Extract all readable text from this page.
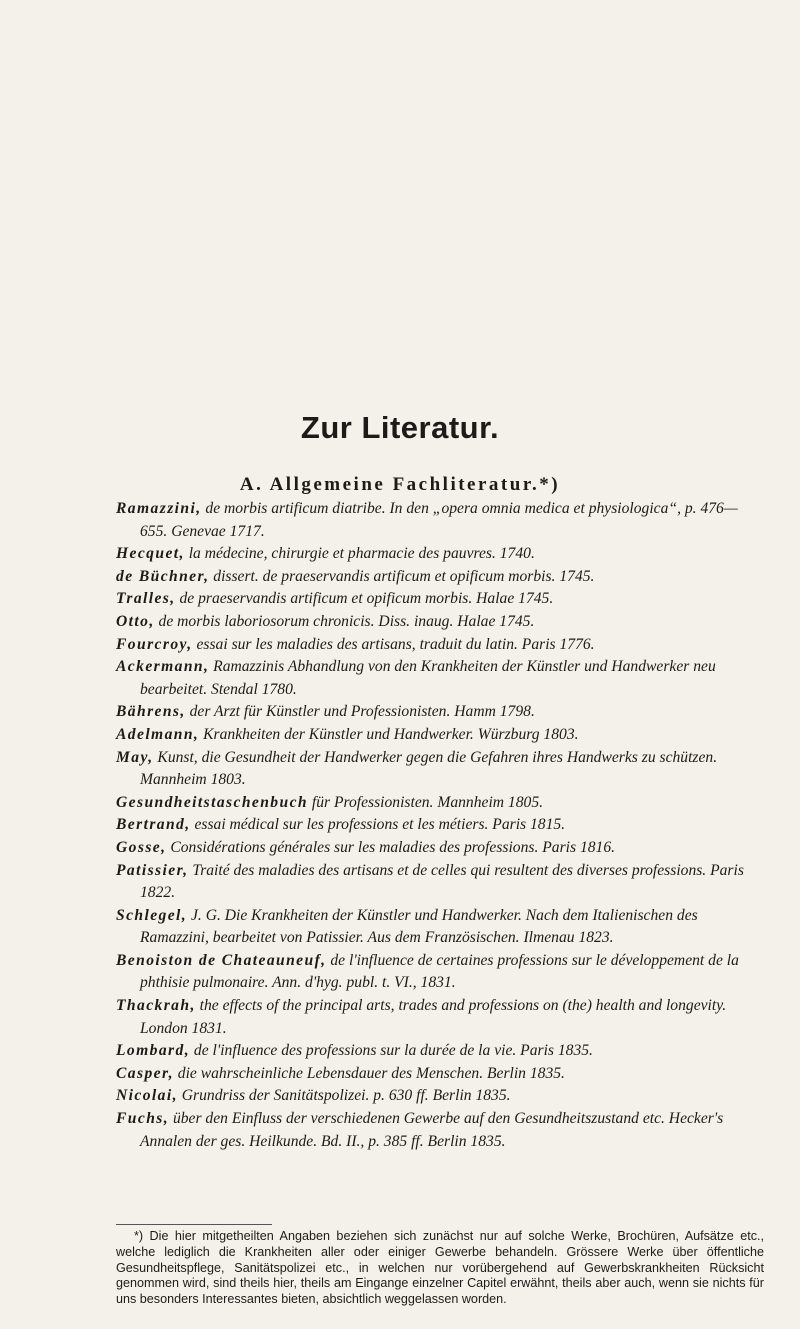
Zur Literatur.
A. Allgemeine Fachliteratur.*)
Ramazzini, de morbis artificum diatribe. In den „opera omnia medica et physiologica“, p. 476—655. Genevae 1717.
Hecquet, la médecine, chirurgie et pharmacie des pauvres. 1740.
de Büchner, dissert. de praeservandis artificum et opificum morbis. 1745.
Tralles, de praeservandis artificum et opificum morbis. Halae 1745.
Otto, de morbis laboriosorum chronicis. Diss. inaug. Halae 1745.
Fourcroy, essai sur les maladies des artisans, traduit du latin. Paris 1776.
Ackermann, Ramazzinis Abhandlung von den Krankheiten der Künstler und Handwerker neu bearbeitet. Stendal 1780.
Bährens, der Arzt für Künstler und Professionisten. Hamm 1798.
Adelmann, Krankheiten der Künstler und Handwerker. Würzburg 1803.
May, Kunst, die Gesundheit der Handwerker gegen die Gefahren ihres Handwerks zu schützen. Mannheim 1803.
Gesundheitstaschenbuch für Professionisten. Mannheim 1805.
Bertrand, essai médical sur les professions et les métiers. Paris 1815.
Gosse, Considérations générales sur les maladies des professions. Paris 1816.
Patissier, Traité des maladies des artisans et de celles qui resultent des diverses professions. Paris 1822.
Schlegel, J. G. Die Krankheiten der Künstler und Handwerker. Nach dem Italienischen des Ramazzini, bearbeitet von Patissier. Aus dem Französischen. Ilmenau 1823.
Benoiston de Chateauneuf, de l'influence de certaines professions sur le développement de la phthisie pulmonaire. Ann. d'hyg. publ. t. VI., 1831.
Thackrah, the effects of the principal arts, trades and professions on (the) health and longevity. London 1831.
Lombard, de l'influence des professions sur la durée de la vie. Paris 1835.
Casper, die wahrscheinliche Lebensdauer des Menschen. Berlin 1835.
Nicolai, Grundriss der Sanitätspolizei. p. 630 ff. Berlin 1835.
Fuchs, über den Einfluss der verschiedenen Gewerbe auf den Gesundheitszustand etc. Hecker's Annalen der ges. Heilkunde. Bd. II., p. 385 ff. Berlin 1835.

*) Die hier mitgetheilten Angaben beziehen sich zunächst nur auf solche Werke, Brochüren, Aufsätze etc., welche lediglich die Krankheiten aller oder einiger Gewerbe behandeln. Grössere Werke über öffentliche Gesundheitspflege, Sanitätspolizei etc., in welchen nur vorübergehend auf Gewerbskrankheiten Rücksicht genommen wird, sind theils hier, theils am Eingange einzelner Capitel erwähnt, theils aber auch, wenn sie nichts für uns besonders Interessantes bieten, absichtlich weggelassen worden.
